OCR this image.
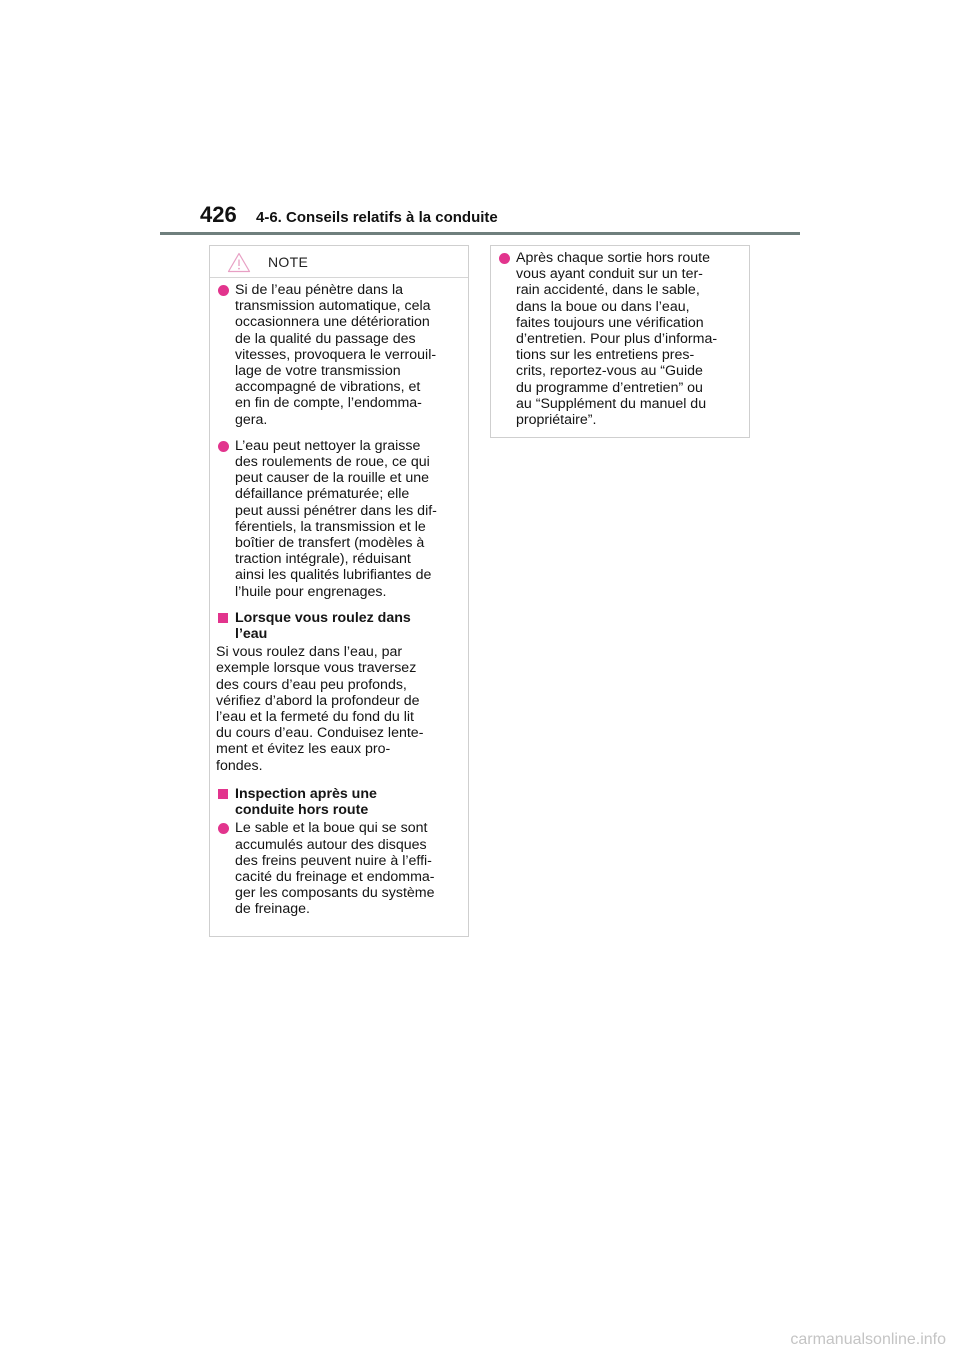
426 4-6. Conseils relatifs à la conduite
NOTE
Si de l’eau pénètre dans la
transmission automatique, cela
occasionnera une détérioration
de la qualité du passage des
vitesses, provoquera le verrouil-
lage de votre transmission
accompagné de vibrations, et
en fin de compte, l’endomma-
gera.
L’eau peut nettoyer la graisse
des roulements de roue, ce qui
peut causer de la rouille et une
défaillance prématurée; elle
peut aussi pénétrer dans les dif-
férentiels, la transmission et le
boîtier de transfert (modèles à
traction intégrale), réduisant
ainsi les qualités lubrifiantes de
l’huile pour engrenages.
Lorsque vous roulez dans
l’eau
Si vous roulez dans l’eau, par
exemple lorsque vous traversez
des cours d’eau peu profonds,
vérifiez d’abord la profondeur de
l’eau et la fermeté du fond du lit
du cours d’eau. Conduisez lente-
ment et évitez les eaux pro-
fondes.
Inspection après une
conduite hors route
Le sable et la boue qui se sont
accumulés autour des disques
des freins peuvent nuire à l’effi-
cacité du freinage et endomma-
ger les composants du système
de freinage.
Après chaque sortie hors route
vous ayant conduit sur un ter-
rain accidenté, dans le sable,
dans la boue ou dans l’eau,
faites toujours une vérification
d’entretien. Pour plus d’informa-
tions sur les entretiens pres-
crits, reportez-vous au “Guide
du programme d’entretien” ou
au “Supplément du manuel du
propriétaire”.
carmanualsonline.info
